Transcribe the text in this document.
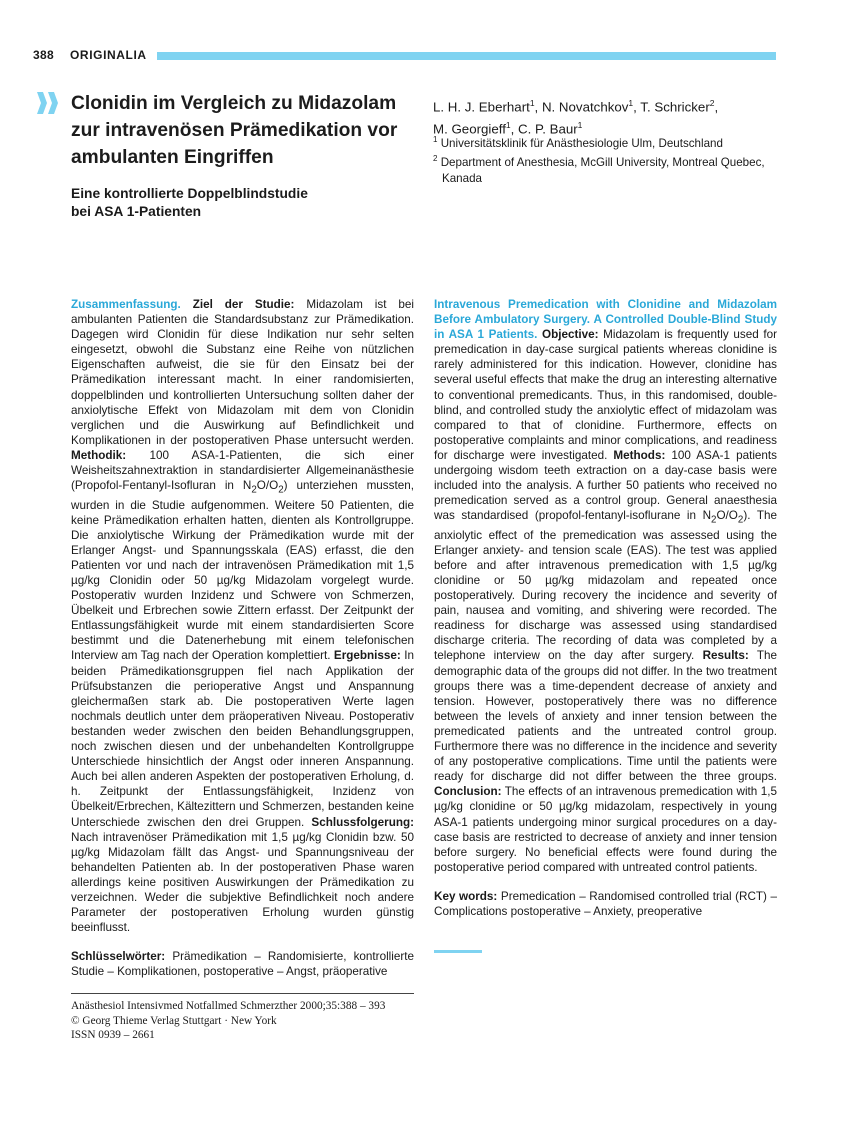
388 ORIGINALIA
Clonidin im Vergleich zu Midazolam
zur intravenösen Prämedikation vor
ambulanten Eingriffen
Eine kontrollierte Doppelblindstudie
bei ASA 1-Patienten
L. H. J. Eberhart$^1$, N. Novatchkov$^1$, T. Schricker$^2$,
M. Georgieff$^1$, C. P. Baur$^1$
$^1$ Universitätsklinik für Anästhesiologie Ulm, Deutschland
$^2$ Department of Anesthesia, McGill University, Montreal Quebec,
Kanada
Zusammenfassung. Ziel der Studie: Midazolam ist bei ambulanten Patienten die Standardsubstanz zur Prämedikation. Dagegen wird Clonidin für diese Indikation nur sehr selten eingesetzt, obwohl die Substanz eine Reihe von nützlichen Eigenschaften aufweist, die sie für den Einsatz bei der Prämedikation interessant macht. In einer randomisierten, doppelblinden und kontrollierten Untersuchung sollten daher der anxiolytische Effekt von Midazolam mit dem von Clonidin verglichen und die Auswirkung auf Befindlichkeit und Komplikationen in der postoperativen Phase untersucht werden. Methodik: 100 ASA-1-Patienten, die sich einer Weisheitszahnextraktion in standardisierter Allgemeinanästhesie (Propofol-Fentanyl-Isofluran in $N_2O/O_2$) unterziehen mussten, wurden in die Studie aufgenommen. Weitere 50 Patienten, die keine Prämedikation erhalten hatten, dienten als Kontrollgruppe. Die anxiolytische Wirkung der Prämedikation wurde mit der Erlanger Angst- und Spannungsskala (EAS) erfasst, die den Patienten vor und nach der intravenösen Prämedikation mit 1,5 µg/kg Clonidin oder 50 µg/kg Midazolam vorgelegt wurde. Postoperativ wurden Inzidenz und Schwere von Schmerzen, Übelkeit und Erbrechen sowie Zittern erfasst. Der Zeitpunkt der Entlassungsfähigkeit wurde mit einem standardisierten Score bestimmt und die Datenerhebung mit einem telefonischen Interview am Tag nach der Operation komplettiert. Ergebnisse: In beiden Prämedikationsgruppen fiel nach Applikation der Prüfsubstanzen die perioperative Angst und Anspannung gleichermaßen stark ab. Die postoperativen Werte lagen nochmals deutlich unter dem präoperativen Niveau. Postoperativ bestanden weder zwischen den beiden Behandlungsgruppen, noch zwischen diesen und der unbehandelten Kontrollgruppe Unterschiede hinsichtlich der Angst oder inneren Anspannung. Auch bei allen anderen Aspekten der postoperativen Erholung, d. h. Zeitpunkt der Entlassungsfähigkeit, Inzidenz von Übelkeit/Erbrechen, Kältezittern und Schmerzen, bestanden keine Unterschiede zwischen den drei Gruppen. Schlussfolgerung: Nach intravenöser Prämedikation mit 1,5 µg/kg Clonidin bzw. 50 µg/kg Midazolam fällt das Angst- und Spannungsniveau der behandelten Patienten ab. In der postoperativen Phase waren allerdings keine positiven Auswirkungen der Prämedikation zu verzeichnen. Weder die subjektive Befindlichkeit noch andere Parameter der postoperativen Erholung wurden günstig beeinflusst.
Schlüsselwörter: Prämedikation – Randomisierte, kontrollierte Studie – Komplikationen, postoperative – Angst, präoperative
Intravenous Premedication with Clonidine and Midazolam Before Ambulatory Surgery. A Controlled Double-Blind Study in ASA 1 Patients. Objective: Midazolam is frequently used for premedication in day-case surgical patients whereas clonidine is rarely administered for this indication. However, clonidine has several useful effects that make the drug an interesting alternative to conventional premedicants. Thus, in this randomised, double-blind, and controlled study the anxiolytic effect of midazolam was compared to that of clonidine. Furthermore, effects on postoperative complaints and minor complications, and readiness for discharge were investigated. Methods: 100 ASA-1 patients undergoing wisdom teeth extraction on a day-case basis were included into the analysis. A further 50 patients who received no premedication served as a control group. General anaesthesia was standardised (propofol-fentanyl-isoflurane in $N_2O/O_2$). The anxiolytic effect of the premedication was assessed using the Erlanger anxiety- and tension scale (EAS). The test was applied before and after intravenous premedication with 1,5 µg/kg clonidine or 50 µg/kg midazolam and repeated once postoperatively. During recovery the incidence and severity of pain, nausea and vomiting, and shivering were recorded. The readiness for discharge was assessed using standardised discharge criteria. The recording of data was completed by a telephone interview on the day after surgery. Results: The demographic data of the groups did not differ. In the two treatment groups there was a time-dependent decrease of anxiety and tension. However, postoperatively there was no difference between the levels of anxiety and inner tension between the premedicated patients and the untreated control group. Furthermore there was no difference in the incidence and severity of any postoperative complications. Time until the patients were ready for discharge did not differ between the three groups. Conclusion: The effects of an intravenous premedication with 1,5 µg/kg clonidine or 50 µg/kg midazolam, respectively in young ASA-1 patients undergoing minor surgical procedures on a day-case basis are restricted to decrease of anxiety and inner tension before surgery. No beneficial effects were found during the postoperative period compared with untreated control patients.
Key words: Premedication – Randomised controlled trial (RCT) – Complications postoperative – Anxiety, preoperative
Anästhesiol Intensivmed Notfallmed Schmerzther 2000;35:388 – 393
© Georg Thieme Verlag Stuttgart · New York
ISSN 0939 – 2661
